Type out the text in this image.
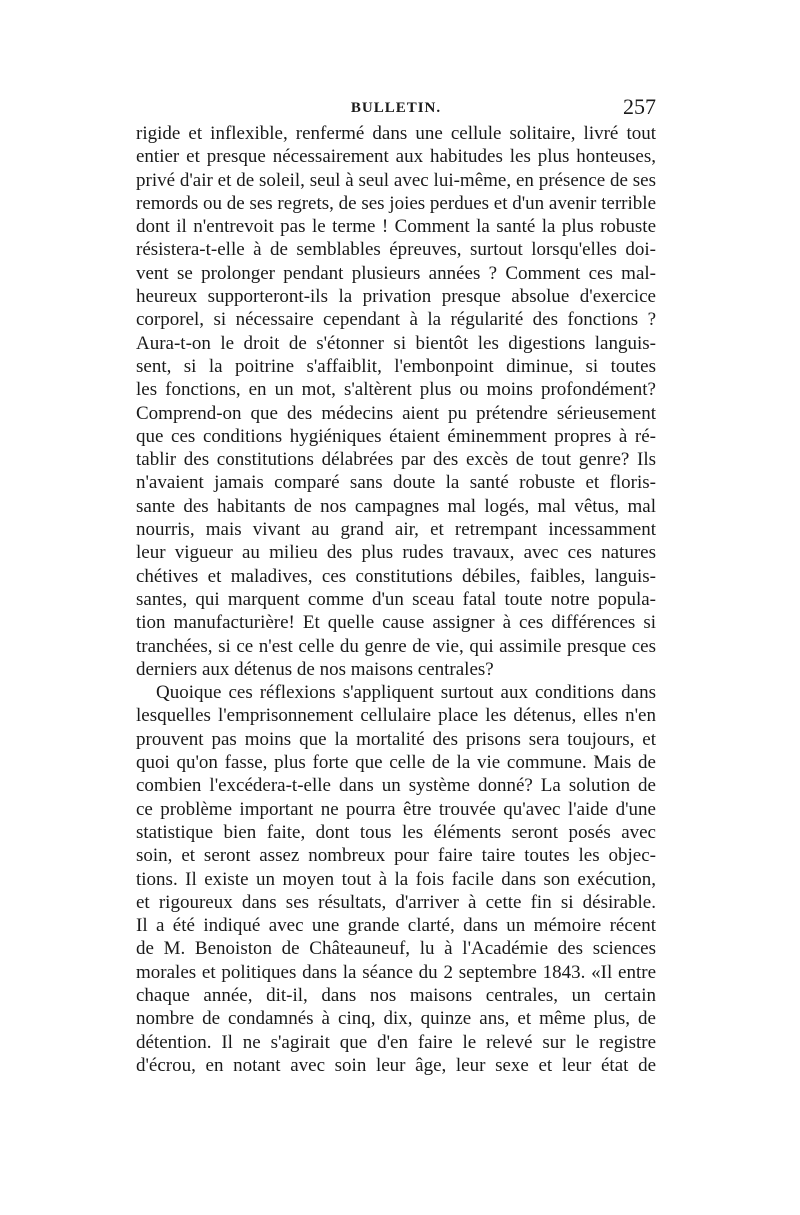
BULLETIN.	257
rigide et inflexible, renfermé dans une cellule solitaire, livré tout
entier et presque nécessairement aux habitudes les plus honteuses,
privé d'air et de soleil, seul à seul avec lui-même, en présence de ses
remords ou de ses regrets, de ses joies perdues et d'un avenir terrible
dont il n'entrevoit pas le terme ! Comment la santé la plus robuste
résistera-t-elle à de semblables épreuves, surtout lorsqu'elles doi-
vent se prolonger pendant plusieurs années ? Comment ces mal-
heureux supporteront-ils la privation presque absolue d'exercice
corporel, si nécessaire cependant à la régularité des fonctions ?
Aura-t-on le droit de s'étonner si bientôt les digestions languis-
sent, si la poitrine s'affaiblit, l'embonpoint diminue, si toutes
les fonctions, en un mot, s'altèrent plus ou moins profondément?
Comprend-on que des médecins aient pu prétendre sérieusement
que ces conditions hygiéniques étaient éminemment propres à ré-
tablir des constitutions délabrées par des excès de tout genre? Ils
n'avaient jamais comparé sans doute la santé robuste et floris-
sante des habitants de nos campagnes mal logés, mal vêtus, mal
nourris, mais vivant au grand air, et retrempant incessamment
leur vigueur au milieu des plus rudes travaux, avec ces natures
chétives et maladives, ces constitutions débiles, faibles, languis-
santes, qui marquent comme d'un sceau fatal toute notre popula-
tion manufacturière! Et quelle cause assigner à ces différences si
tranchées, si ce n'est celle du genre de vie, qui assimile presque ces
derniers aux détenus de nos maisons centrales?
Quoique ces réflexions s'appliquent surtout aux conditions dans
lesquelles l'emprisonnement cellulaire place les détenus, elles n'en
prouvent pas moins que la mortalité des prisons sera toujours, et
quoi qu'on fasse, plus forte que celle de la vie commune. Mais de
combien l'excédera-t-elle dans un système donné? La solution de
ce problème important ne pourra être trouvée qu'avec l'aide d'une
statistique bien faite, dont tous les éléments seront posés avec
soin, et seront assez nombreux pour faire taire toutes les objec-
tions. Il existe un moyen tout à la fois facile dans son exécution,
et rigoureux dans ses résultats, d'arriver à cette fin si désirable.
Il a été indiqué avec une grande clarté, dans un mémoire récent
de M. Benoiston de Châteauneuf, lu à l'Académie des sciences
morales et politiques dans la séance du 2 septembre 1843. «Il entre
chaque année, dit-il, dans nos maisons centrales, un certain
nombre de condamnés à cinq, dix, quinze ans, et même plus, de
détention. Il ne s'agirait que d'en faire le relevé sur le registre
d'écrou, en notant avec soin leur âge, leur sexe et leur état de
